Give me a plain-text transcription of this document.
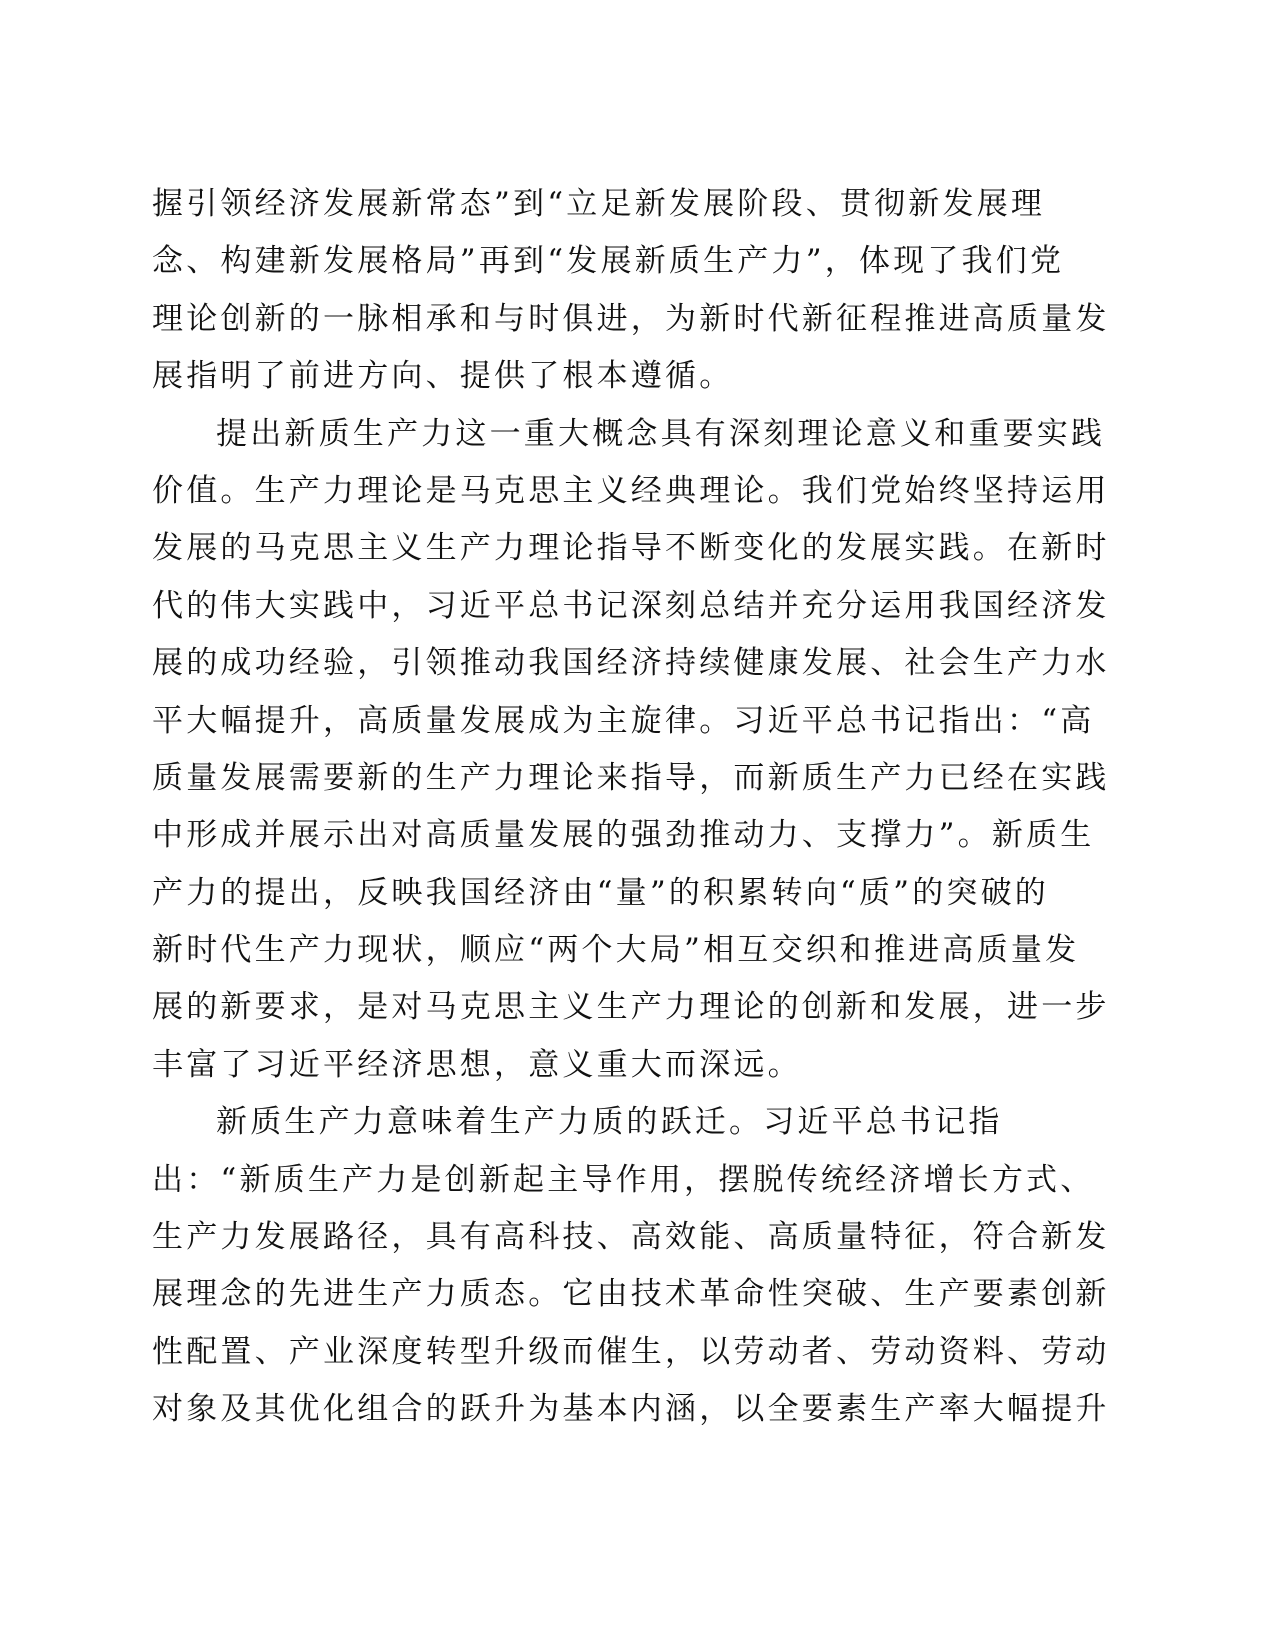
握引领经济发展新常态”到“立足新发展阶段、贯彻新发展理
念、构建新发展格局”再到“发展新质生产力”，体现了我们党
理论创新的一脉相承和与时俱进，为新时代新征程推进高质量发
展指明了前进方向、提供了根本遵循。
提出新质生产力这一重大概念具有深刻理论意义和重要实践
价值。生产力理论是马克思主义经典理论。我们党始终坚持运用
发展的马克思主义生产力理论指导不断变化的发展实践。在新时
代的伟大实践中，习近平总书记深刻总结并充分运用我国经济发
展的成功经验，引领推动我国经济持续健康发展、社会生产力水
平大幅提升，高质量发展成为主旋律。习近平总书记指出：“高
质量发展需要新的生产力理论来指导，而新质生产力已经在实践
中形成并展示出对高质量发展的强劲推动力、支撑力”。新质生
产力的提出，反映我国经济由“量”的积累转向“质”的突破的
新时代生产力现状，顺应“两个大局”相互交织和推进高质量发
展的新要求，是对马克思主义生产力理论的创新和发展，进一步
丰富了习近平经济思想，意义重大而深远。
新质生产力意味着生产力质的跃迁。习近平总书记指
出：“新质生产力是创新起主导作用，摆脱传统经济增长方式、
生产力发展路径，具有高科技、高效能、高质量特征，符合新发
展理念的先进生产力质态。它由技术革命性突破、生产要素创新
性配置、产业深度转型升级而催生，以劳动者、劳动资料、劳动
对象及其优化组合的跃升为基本内涵，以全要素生产率大幅提升
